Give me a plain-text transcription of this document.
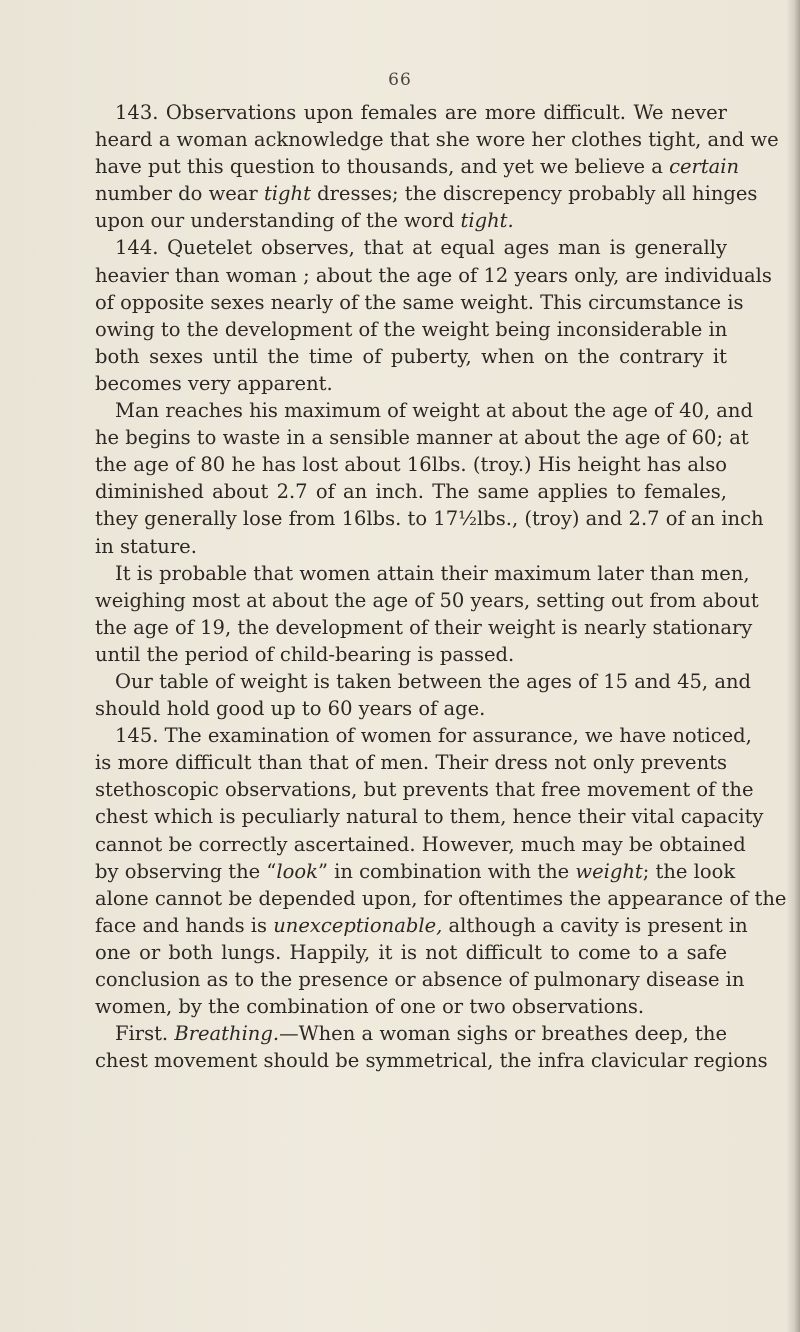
66
143. Observations upon females are more difficult. We never
heard a woman acknowledge that she wore her clothes tight, and we
have put this question to thousands, and yet we believe a certain
number do wear tight dresses; the discrepency probably all hinges
upon our understanding of the word tight.
144. Quetelet observes, that at equal ages man is generally
heavier than woman ; about the age of 12 years only, are individuals
of opposite sexes nearly of the same weight. This circumstance is
owing to the development of the weight being inconsiderable in
both sexes until the time of puberty, when on the contrary it
becomes very apparent.
Man reaches his maximum of weight at about the age of 40, and
he begins to waste in a sensible manner at about the age of 60; at
the age of 80 he has lost about 16lbs. (troy.) His height has also
diminished about 2.7 of an inch. The same applies to females,
they generally lose from 16lbs. to 17½lbs., (troy) and 2.7 of an inch
in stature.
It is probable that women attain their maximum later than men,
weighing most at about the age of 50 years, setting out from about
the age of 19, the development of their weight is nearly stationary
until the period of child-bearing is passed.
Our table of weight is taken between the ages of 15 and 45, and
should hold good up to 60 years of age.
145. The examination of women for assurance, we have noticed,
is more difficult than that of men. Their dress not only prevents
stethoscopic observations, but prevents that free movement of the
chest which is peculiarly natural to them, hence their vital capacity
cannot be correctly ascertained. However, much may be obtained
by observing the “look” in combination with the weight; the look
alone cannot be depended upon, for oftentimes the appearance of the
face and hands is unexceptionable, although a cavity is present in
one or both lungs. Happily, it is not difficult to come to a safe
conclusion as to the presence or absence of pulmonary disease in
women, by the combination of one or two observations.
First. Breathing.—When a woman sighs or breathes deep, the
chest movement should be symmetrical, the infra clavicular regions
